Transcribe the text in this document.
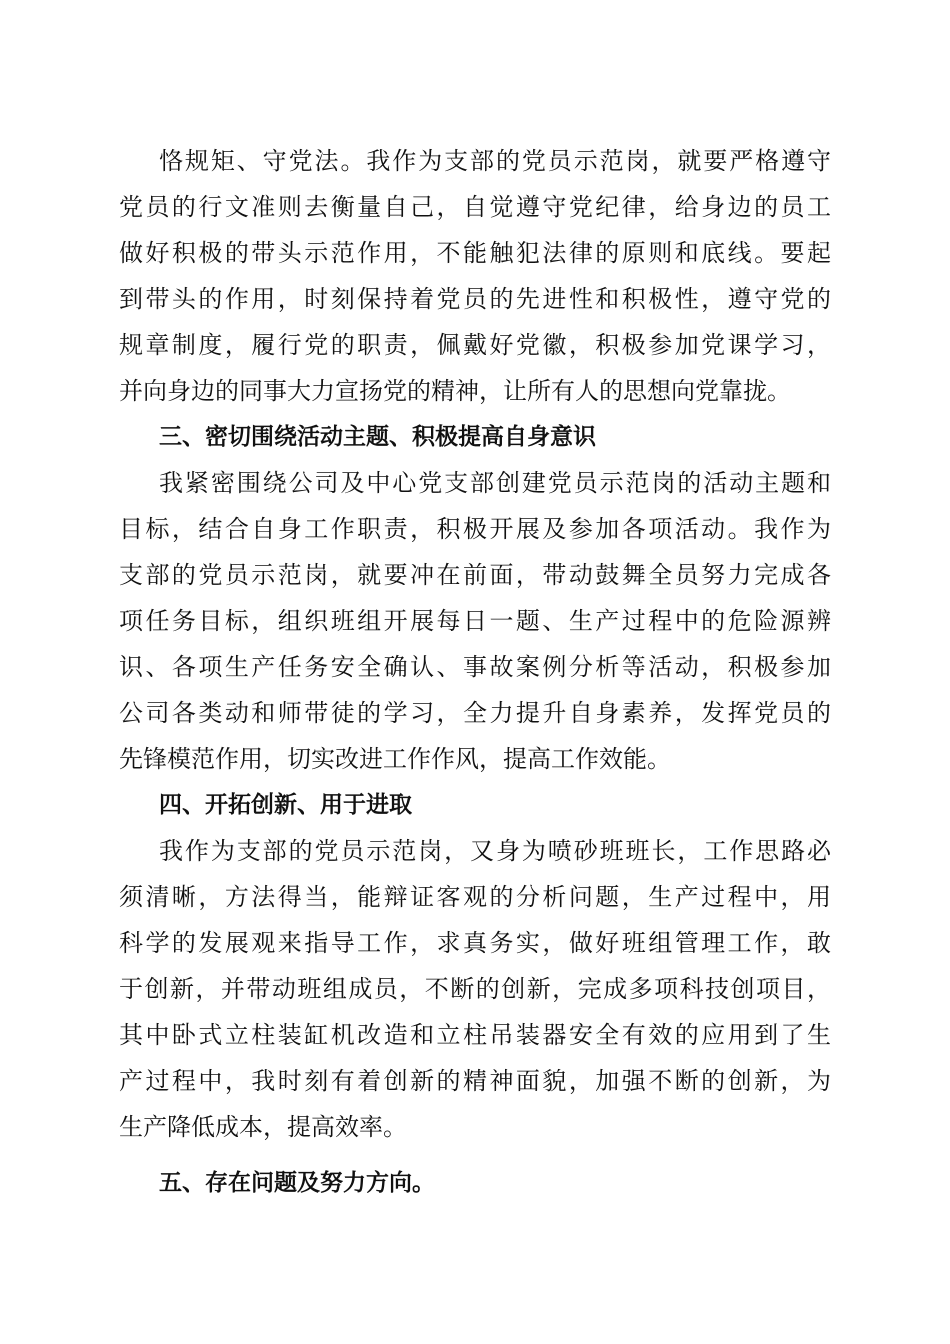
恪规矩、守党法。我作为支部的党员示范岗，就要严格遵守
党员的行文准则去衡量自己，自觉遵守党纪律，给身边的员工
做好积极的带头示范作用，不能触犯法律的原则和底线。要起
到带头的作用，时刻保持着党员的先进性和积极性，遵守党的
规章制度，履行党的职责，佩戴好党徽，积极参加党课学习，
并向身边的同事大力宣扬党的精神，让所有人的思想向党靠拢。
三、密切围绕活动主题、积极提高自身意识
我紧密围绕公司及中心党支部创建党员示范岗的活动主题和
目标，结合自身工作职责，积极开展及参加各项活动。我作为
支部的党员示范岗，就要冲在前面，带动鼓舞全员努力完成各
项任务目标，组织班组开展每日一题、生产过程中的危险源辨
识、各项生产任务安全确认、事故案例分析等活动，积极参加
公司各类动和师带徒的学习，全力提升自身素养，发挥党员的
先锋模范作用，切实改进工作作风，提高工作效能。
四、开拓创新、用于进取
我作为支部的党员示范岗，又身为喷砂班班长，工作思路必
须清晰，方法得当，能辩证客观的分析问题，生产过程中，用
科学的发展观来指导工作，求真务实，做好班组管理工作，敢
于创新，并带动班组成员，不断的创新，完成多项科技创项目，
其中卧式立柱装缸机改造和立柱吊装器安全有效的应用到了生
产过程中，我时刻有着创新的精神面貌，加强不断的创新，为
生产降低成本，提高效率。
五、存在问题及努力方向。
